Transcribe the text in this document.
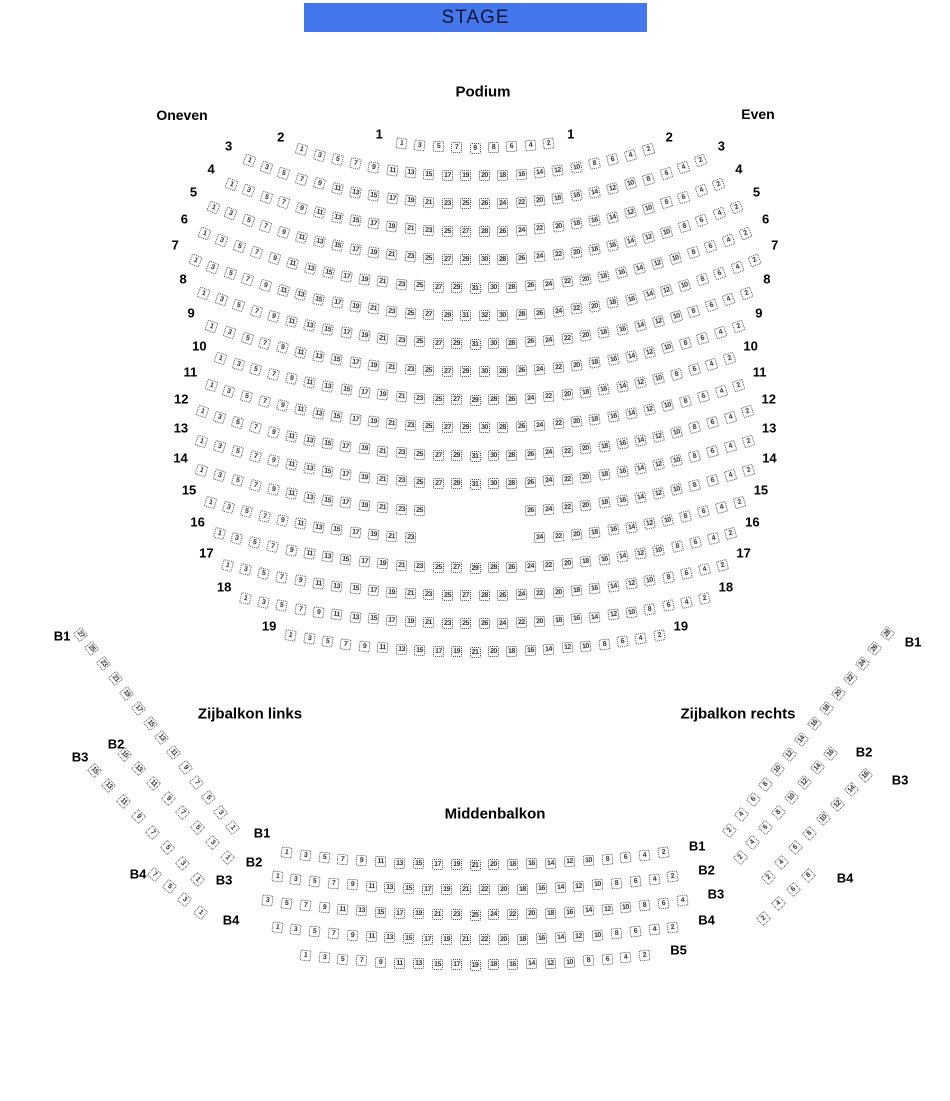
STAGE
Podium
Oneven	Even
Zijbalkon links	Zijbalkon rechts
Middenbalkon
1	3	5	7	9	8	6	4	2
1	1
1
3
5
7	9	11	13	15	17	19	20	18	16	14	12	10	8
6
4
2
2	2
1
3
5
7
9
11	13	15	17	19	21	23	25	26	24	22	20	18	16	14	12
10
8
6
4
2
3	3
1
3
5
7
9
11
13	15	17	19	21	23	25	27	28	26	24	22	20	18	16	14
12
10
8
6
4
2
4	4
1
3
5
7
9
11
13	15	17	19	21	23	25	27	29	30	28	26	24	22	20	18	16	14
12
10
8
6
4
2
5	5
1
3
5
7
9
11
13	15	17	19	21	23	25	27	29	31	30	28	26	24	22	20	18	16	14
12
10
8
6
4
2
6	6
1
3
5
7
9
11
13	15	17	19	21	23	25	27	29	31	32	30	28	26	24	22	20	18	16	14
12
10
8
6
4
2
7	7
1
3
5
7
9
11
13	15	17	19	21	23	25	27	29	31	30	28	26	24	22	20	18	16	14
12
10
8
6
4
2
8	8
1
3
5
7
9
11	13	15	17	19	21	23	25	27	29	30	28	26	24	22	20	18	16	14	12
10
8
6
4
2
9	9
1
3
5
7
9	11	13	15	17	19	21	23	25	27	29	28	26	24	22	20	18	16	14	12	10
8
6
4
2
10	10
1
3
5
7
9	11	13	15	17	19	21	23	25	27	29	30	28	26	24	22	20	18	16	14	12	10
8
6
4
2
11	11
1
3
5
7
9
11	13	15	17	19	21	23	25	27	29	31	30	28	26	24	22	20	18	16	14	12	10
8
6
4
2
12	12
1
3
5
7
9	11	13	15	17	19	21	23	25	27	29	31	30	28	26	24	22	20	18	16	14	12	10
8
6
4
2
13	13
1
3
5
7
9	11	13	15	17	19	21	23	25	26	24	22	20	18	16	14	12	10
8
6
4
2
14	14
1
3
5
7
9	11	13	15	17	19	21	23	24	22	20	18	16	14	12	10	8
6
4
2
15	15
1
3
5
7	9	11	13	15	17	19	21	23	25	27	29	28	26	24	22	20	18	16	14	12	10	8
6
4
2
16	16
1
3
5	7	9	11	13	15	17	19	21	23	25	27	28	26	24	22	20	18	16	14	12	10	8	6
4
2
17	17
1
3	5	7	9	11	13	15	17	19	21	23	25	26	24	22	20	18	16	14	12	10	8	6	4
2
18	18
1	3	5	7	9	11	13	15	17	19	21	20	18	16	14	12	10	8	6	4	2
19	19
1	3	5	7	9	11	13	15	17	19	21	20	18	16	14	12	10	8	6	4	2	B1
1	3	5	7	9	11	13	15	17	19	21	22	20	18	16	14	12	10	8	6	4	2	B2
3	5	7	9	11	13	15	17	19	21	23	25	24	22	20	18	16	14	12	10	8	6	4	B3
1	3	5	7	9	11	13	15	17	19	21	22	20	18	16	14	12	10	8	6	4	2	B4
1	3	5	7	9	11	13	15	17	19	18	16	14	12	10	8	6	4	2	B5
27
25
23
21
19
17
15
13
11
9
7
5
3
1
15
13
11
9
7
5
3
1
15
13
11
9
7
5
3
1
7
5
3
1
28
26
24
22
20
18
16
14
12
10
8
6
4
2
16
14
12
10
8
6
4
2
16
14
12
10
8
6
4
2	8
6
4
2
B1
B1
B2
B2
B3
B3
B4
B4
B1
B2
B3
B4
